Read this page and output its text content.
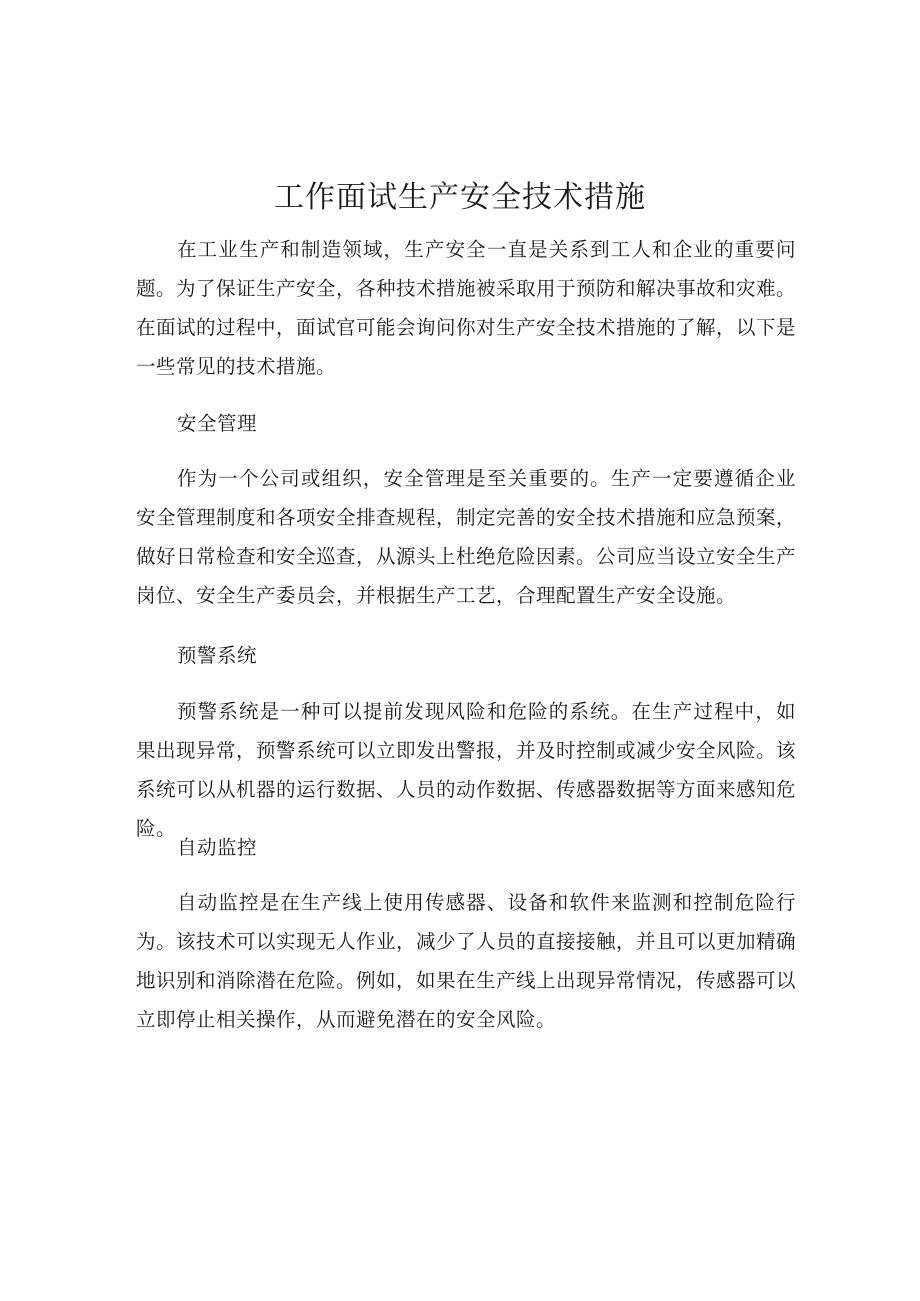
工作面试生产安全技术措施

在工业生产和制造领域，生产安全一直是关系到工人和企业的重要问题。为了保证生产安全，各种技术措施被采取用于预防和解决事故和灾难。在面试的过程中，面试官可能会询问你对生产安全技术措施的了解，以下是一些常见的技术措施。

安全管理

作为一个公司或组织，安全管理是至关重要的。生产一定要遵循企业安全管理制度和各项安全排查规程，制定完善的安全技术措施和应急预案，做好日常检查和安全巡查，从源头上杜绝危险因素。公司应当设立安全生产岗位、安全生产委员会，并根据生产工艺，合理配置生产安全设施。

预警系统

预警系统是一种可以提前发现风险和危险的系统。在生产过程中，如果出现异常，预警系统可以立即发出警报，并及时控制或减少安全风险。该系统可以从机器的运行数据、人员的动作数据、传感器数据等方面来感知危险。

自动监控

自动监控是在生产线上使用传感器、设备和软件来监测和控制危险行为。该技术可以实现无人作业，减少了人员的直接接触，并且可以更加精确地识别和消除潜在危险。例如，如果在生产线上出现异常情况，传感器可以立即停止相关操作，从而避免潜在的安全风险。
